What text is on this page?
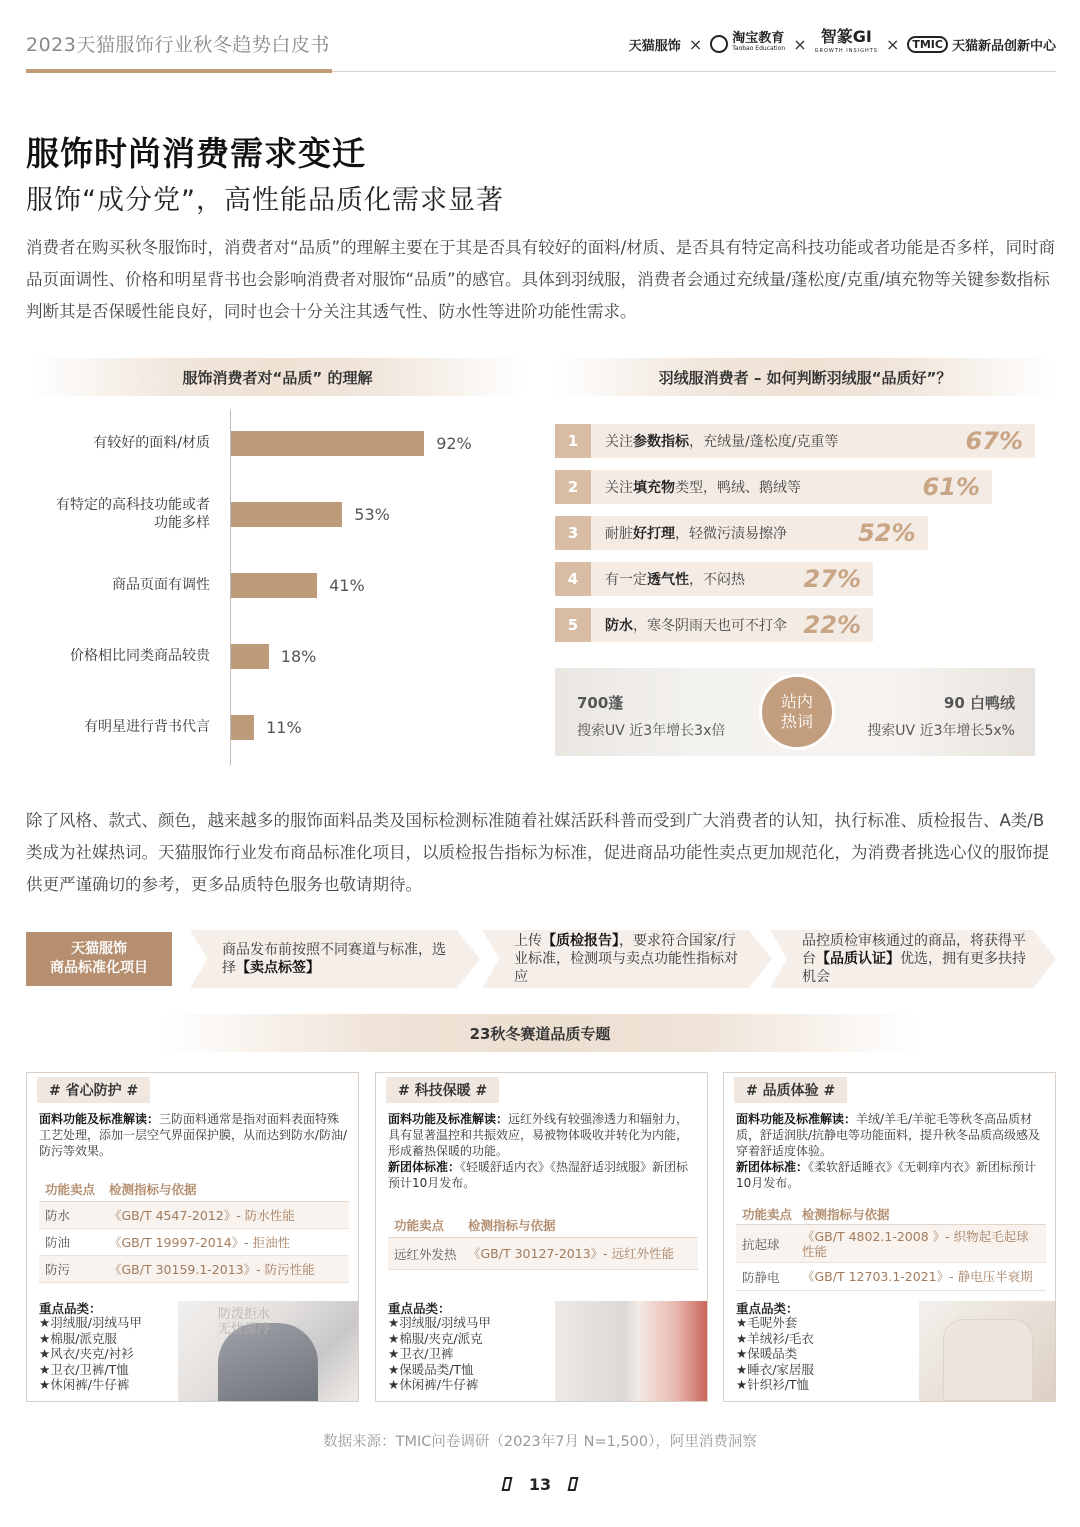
2023天猫服饰行业秋冬趋势白皮书	天猫服饰 × 淘宝教育
Taobao Education × 智篆GI
GROWTH INSIGHTS ×	TMIC 天猫新品创新中心
服饰时尚消费需求变迁
服饰“成分党”，高性能品质化需求显著
消费者在购买秋冬服饰时，消费者对“品质”的理解主要在于其是否具有较好的面料/材质、是否具有特定高科技功能或者功能是否多样，同时商品页面调性、价格和明星背书也会影响消费者对服饰“品质”的感官。具体到羽绒服，消费者会通过充绒量/蓬松度/克重/填充物等关键参数指标判断其是否保暖性能良好，同时也会十分关注其透气性、防水性等进阶功能性需求。
服饰消费者对“品质” 的理解
有较好的面料/材质	92%
有特定的高科技功能或者功能多样	53%
商品页面有调性	41%
价格相比同类商品较贵	18%
有明星进行背书代言	11%
羽绒服消费者 – 如何判断羽绒服“品质好”？
1	关注参数指标，充绒量/蓬松度/克重等	67%
2	关注填充物类型，鸭绒、鹅绒等	61%
3	耐脏好打理，轻微污渍易擦净	52%
4	有一定透气性，不闷热	27%
5	防水，寒冬阴雨天也可不打伞 22%
700蓬
搜索UV 近3年增长3x倍
站内
热词
90 白鸭绒
搜索UV 近3年增长5x%
除了风格、款式、颜色，越来越多的服饰面料品类及国标检测标准随着社媒活跃科普而受到广大消费者的认知，执行标准、质检报告、A类/B类成为社媒热词。天猫服饰行业发布商品标准化项目，以质检报告指标为标准，促进商品功能性卖点更加规范化，为消费者挑选心仪的服饰提供更严谨确切的参考，更多品质特色服务也敬请期待。
天猫服饰
商品标准化项目
商品发布前按照不同赛道与标准，选择【卖点标签】
上传【质检报告】，要求符合国家/行业标准，检测项与卖点功能性指标对应
品控质检审核通过的商品，将获得平台【品质认证】优选，拥有更多扶持机会
23秋冬赛道品质专题
# 省心防护 #
面料功能及标准解读：三防面料通常是指对面料表面特殊工艺处理，添加一层空气界面保护膜，从而达到防水/防油/防污等效果。
功能卖点	检测指标与依据
防水	《GB/T 4547-2012》- 防水性能
防油	《GB/T 19997-2014》- 拒油性
防污	《GB/T 30159.1-2013》- 防污性能
防泼拒水
无忧湿冷
重点品类：
★羽绒服/羽绒马甲
★棉服/派克服
★风衣/夹克/衬衫
★卫衣/卫裤/T恤
★休闲裤/牛仔裤
# 科技保暖 #
面料功能及标准解读：远红外线有较强渗透力和辐射力，具有显著温控和共振效应，易被物体吸收并转化为内能，形成蓄热保暖的功能。
新团体标准：《轻暖舒适内衣》《热湿舒适羽绒服》新团标预计10月发布。
功能卖点	检测指标与依据
远红外发热 《GB/T 30127-2013》- 远红外性能
重点品类：
★羽绒服/羽绒马甲
★棉服/夹克/派克
★卫衣/卫裤
★保暖品类/T恤
★休闲裤/牛仔裤
# 品质体验 #
面料功能及标准解读：羊绒/羊毛/羊驼毛等秋冬高品质材质，舒适润肤/抗静电等功能面料，提升秋冬品质高级感及穿着舒适度体验。
新团体标准：《柔软舒适睡衣》《无刺痒内衣》新团标预计10月发布。
功能卖点 检测指标与依据
抗起球
《GB/T 4802.1-2008 》- 织物起毛起球性能
防静电	《GB/T 12703.1-2021》- 静电压半衰期
重点品类：
★毛呢外套
★羊绒衫/毛衣
★保暖品类
★睡衣/家居服
★针织衫/T恤
数据来源：TMIC问卷调研（2023年7月 N=1,500），阿里消费洞察
13
